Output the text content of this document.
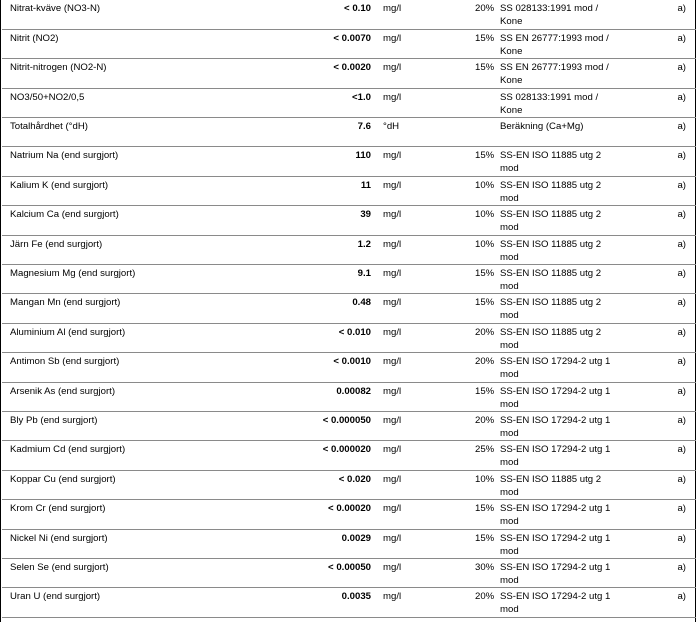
Nitrat-kväve (NO3-N)	< 0.10	mg/l	20%	SS 028133:1991 mod /
Kone	a)

Nitrit (NO2)	< 0.0070	mg/l	15%	SS EN 26777:1993 mod /
Kone	a)

Nitrit-nitrogen (NO2-N)	< 0.0020	mg/l	15%	SS EN 26777:1993 mod /
Kone	a)

NO3/50+NO2/0,5	<1.0	mg/l		SS 028133:1991 mod /
Kone	a)

Totalhårdhet (°dH)	7.6	°dH		Beräkning (Ca+Mg)	a)

Natrium Na (end surgjort)	110	mg/l	15%	SS-EN ISO 11885 utg 2
mod	a)

Kalium K (end surgjort)	11	mg/l	10%	SS-EN ISO 11885 utg 2
mod	a)

Kalcium Ca (end surgjort)	39	mg/l	10%	SS-EN ISO 11885 utg 2
mod	a)

Järn Fe (end surgjort)	1.2	mg/l	10%	SS-EN ISO 11885 utg 2
mod	a)

Magnesium Mg (end surgjort)	9.1	mg/l	15%	SS-EN ISO 11885 utg 2
mod	a)

Mangan Mn (end surgjort)	0.48	mg/l	15%	SS-EN ISO 11885 utg 2
mod	a)

Aluminium Al (end surgjort)	< 0.010	mg/l	20%	SS-EN ISO 11885 utg 2
mod	a)

Antimon Sb (end surgjort)	< 0.0010	mg/l	20%	SS-EN ISO 17294-2 utg 1
mod	a)

Arsenik As (end surgjort)	0.00082	mg/l	15%	SS-EN ISO 17294-2 utg 1
mod	a)

Bly Pb (end surgjort)	< 0.000050	mg/l	20%	SS-EN ISO 17294-2 utg 1
mod	a)

Kadmium Cd (end surgjort)	< 0.000020	mg/l	25%	SS-EN ISO 17294-2 utg 1
mod	a)

Koppar Cu (end surgjort)	< 0.020	mg/l	10%	SS-EN ISO 11885 utg 2
mod	a)

Krom Cr (end surgjort)	< 0.00020	mg/l	15%	SS-EN ISO 17294-2 utg 1
mod	a)

Nickel Ni (end surgjort)	0.0029	mg/l	15%	SS-EN ISO 17294-2 utg 1
mod	a)

Selen Se (end surgjort)	< 0.00050	mg/l	30%	SS-EN ISO 17294-2 utg 1
mod	a)

Uran U (end surgjort)	0.0035	mg/l	20%	SS-EN ISO 17294-2 utg 1
mod	a)
